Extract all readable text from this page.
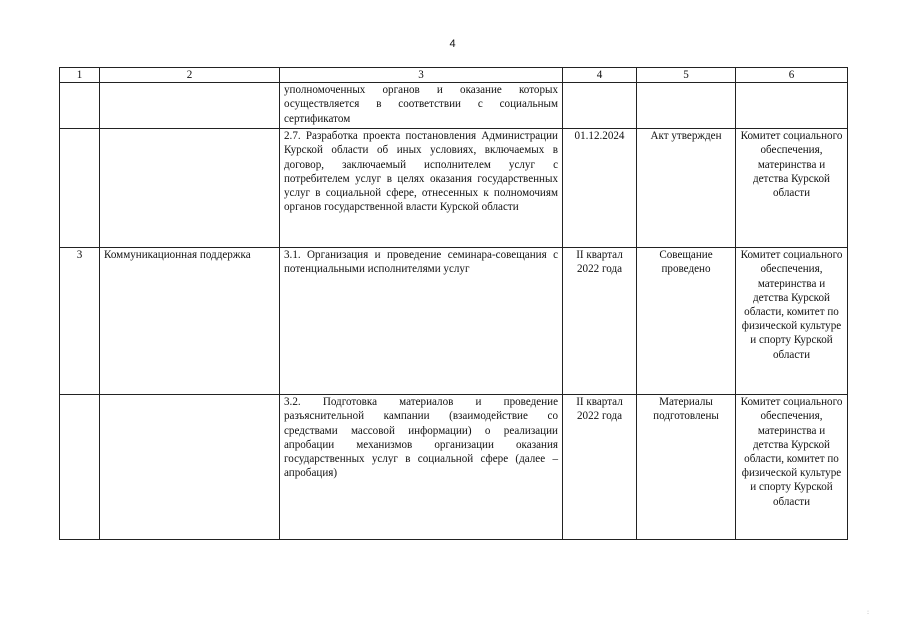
4
1	2	3	4	5	6
		уполномоченных органов и оказание которых осуществляется в соответствии с социальным сертификатом			
		2.7. Разработка проекта постановления Администрации Курской области об иных условиях, включаемых в договор, заключаемый исполнителем услуг с потребителем услуг в целях оказания государственных услуг в социальной сфере, отнесенных к полномочиям органов государственной власти Курской области	01.12.2024	Акт утвержден	Комитет социального обеспечения, материнства и детства Курской области
3	Коммуникационная поддержка	3.1. Организация и проведение семинара-совещания с потенциальными исполнителями услуг	II квартал 2022 года	Совещание проведено	Комитет социального обеспечения, материнства и детства Курской области, комитет по физической культуре и спорту Курской области
		3.2. Подготовка материалов и проведение разъяснительной кампании (взаимодействие со средствами массовой информации) о реализации апробации механизмов организации оказания государственных услуг в социальной сфере (далее – апробация)	II квартал 2022 года	Материалы подготовлены	Комитет социального обеспечения, материнства и детства Курской области, комитет по физической культуре и спорту Курской области
:
